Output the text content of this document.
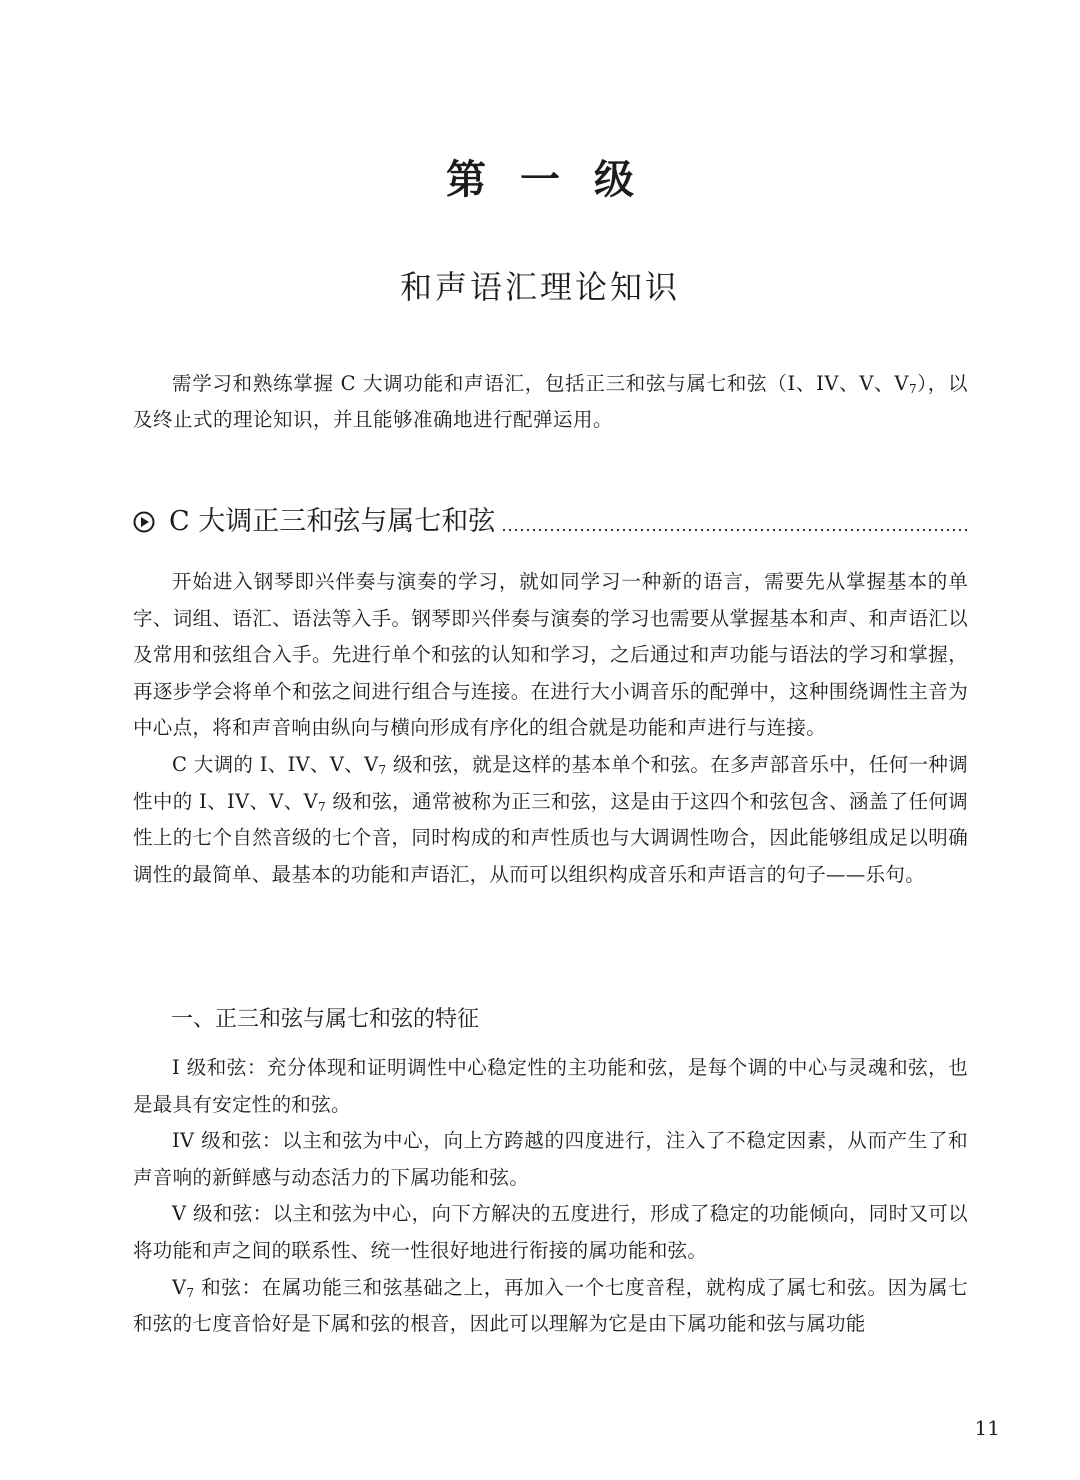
第一级
和声语汇理论知识

需学习和熟练掌握 C 大调功能和声语汇，包括正三和弦与属七和弦（I、IV、V、$V_7$），以及终止式的理论知识，并且能够准确地进行配弹运用。

C 大调正三和弦与属七和弦

开始进入钢琴即兴伴奏与演奏的学习，就如同学习一种新的语言，需要先从掌握基本的单字、词组、语汇、语法等入手。钢琴即兴伴奏与演奏的学习也需要从掌握基本和声、和声语汇以及常用和弦组合入手。先进行单个和弦的认知和学习，之后通过和声功能与语法的学习和掌握，再逐步学会将单个和弦之间进行组合与连接。在进行大小调音乐的配弹中，这种围绕调性主音为中心点，将和声音响由纵向与横向形成有序化的组合就是功能和声进行与连接。

C 大调的 I、IV、V、$V_7$ 级和弦，就是这样的基本单个和弦。在多声部音乐中，任何一种调性中的 I、IV、V、$V_7$ 级和弦，通常被称为正三和弦，这是由于这四个和弦包含、涵盖了任何调性上的七个自然音级的七个音，同时构成的和声性质也与大调调性吻合，因此能够组成足以明确调性的最简单、最基本的功能和声语汇，从而可以组织构成音乐和声语言的句子——乐句。

一、正三和弦与属七和弦的特征

I 级和弦：充分体现和证明调性中心稳定性的主功能和弦，是每个调的中心与灵魂和弦，也是最具有安定性的和弦。

IV 级和弦：以主和弦为中心，向上方跨越的四度进行，注入了不稳定因素，从而产生了和声音响的新鲜感与动态活力的下属功能和弦。

V 级和弦：以主和弦为中心，向下方解决的五度进行，形成了稳定的功能倾向，同时又可以将功能和声之间的联系性、统一性很好地进行衔接的属功能和弦。

$V_7$ 和弦：在属功能三和弦基础之上，再加入一个七度音程，就构成了属七和弦。因为属七和弦的七度音恰好是下属和弦的根音，因此可以理解为它是由下属功能和弦与属功能

11
